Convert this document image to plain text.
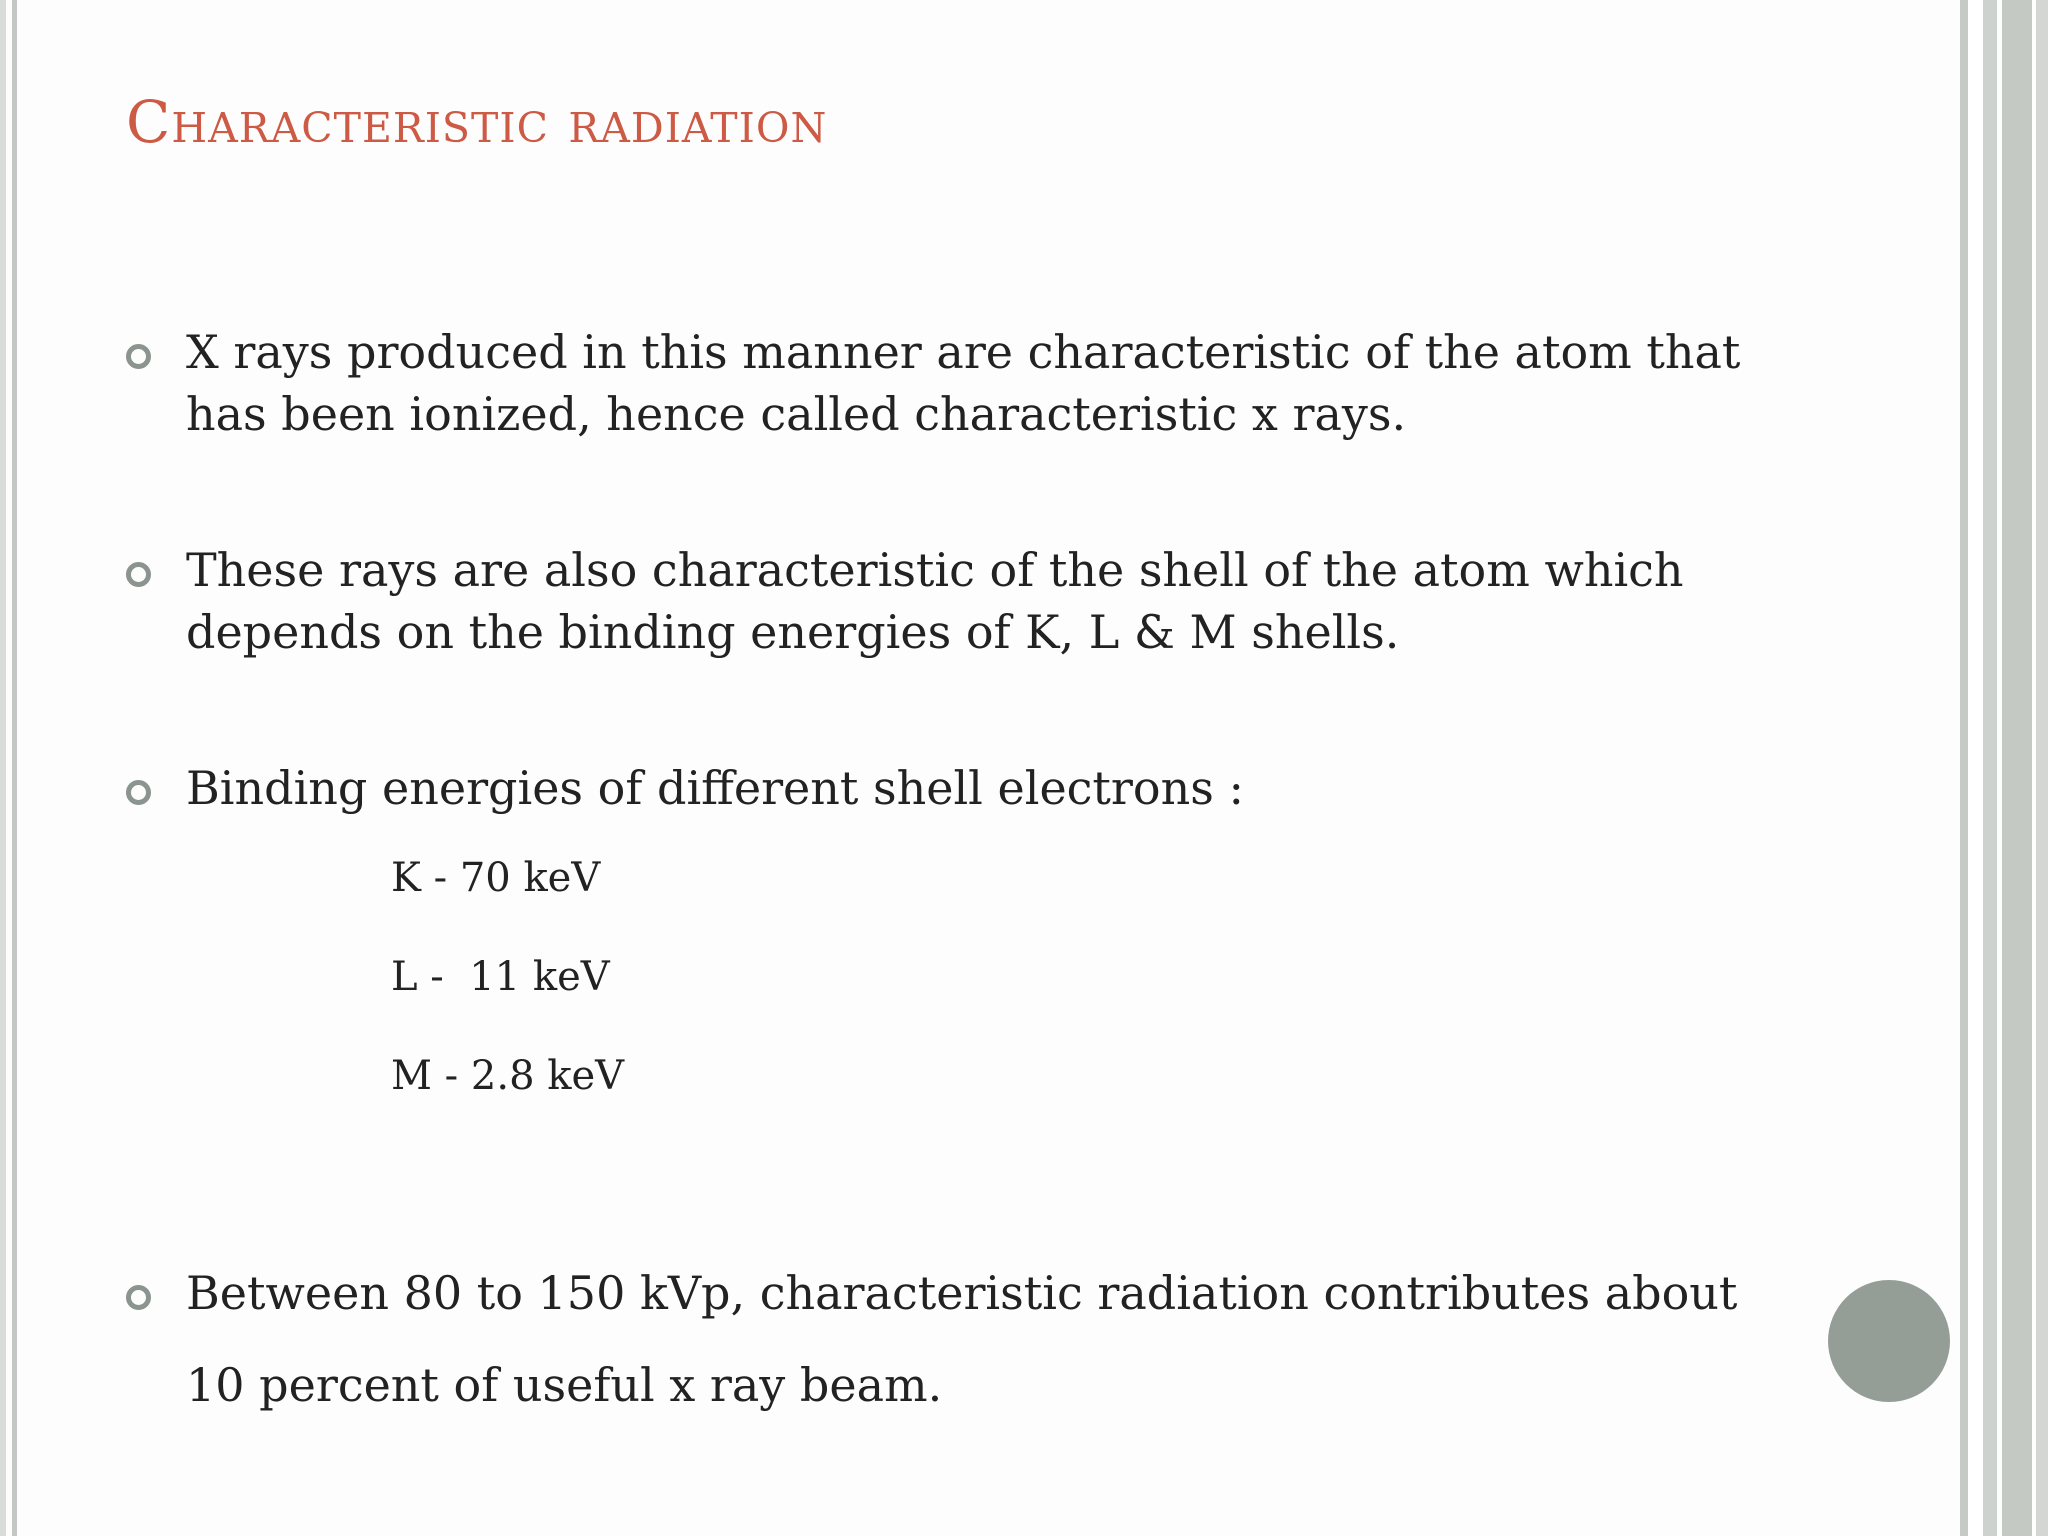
Characteristic radiation
X rays produced in this manner are characteristic of the atom that has been ionized, hence called characteristic x rays.
These rays are also characteristic of the shell of the atom which depends on the binding energies of K, L & M shells.
Binding energies of different shell electrons :
K - 70 keV
L -  11 keV
M - 2.8 keV
Between 80 to 150 kVp, characteristic radiation contributes about 10 percent of useful x ray beam.
